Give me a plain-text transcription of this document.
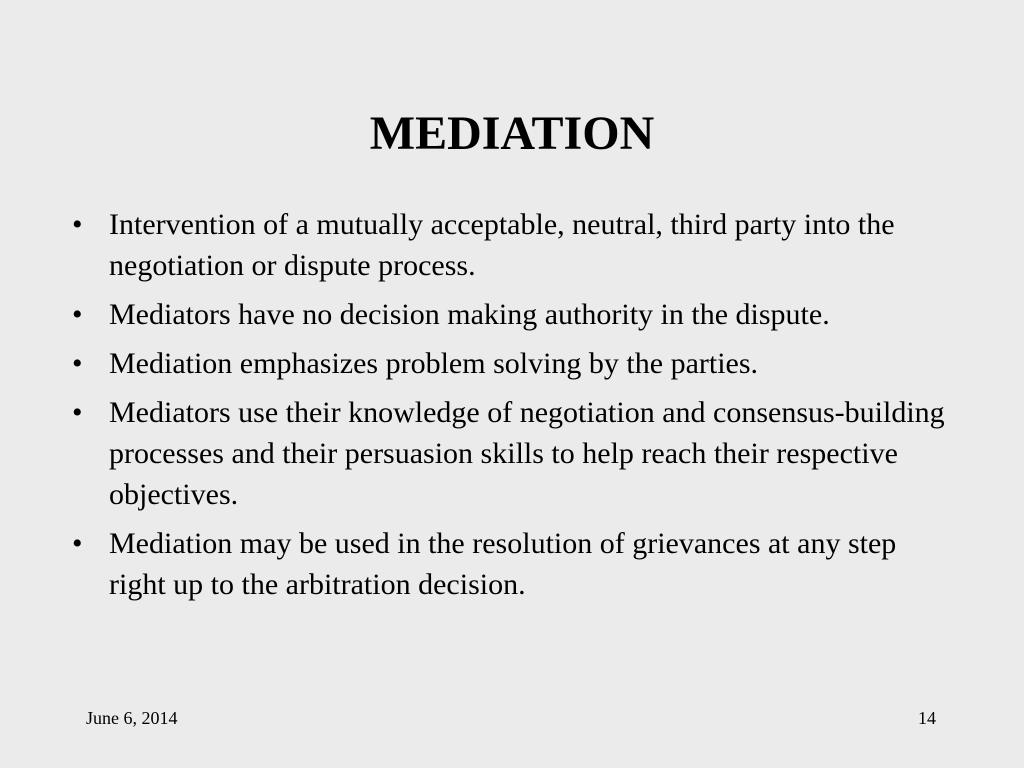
MEDIATION
• Intervention of a mutually acceptable, neutral, third party into the negotiation or dispute process.
• Mediators have no decision making authority in the dispute.
• Mediation emphasizes problem solving by the parties.
• Mediators use their knowledge of negotiation and consensus-building processes and their persuasion skills to help reach their respective objectives.
• Mediation may be used in the resolution of grievances at any step right up to the arbitration decision.
June 6, 2014	14
